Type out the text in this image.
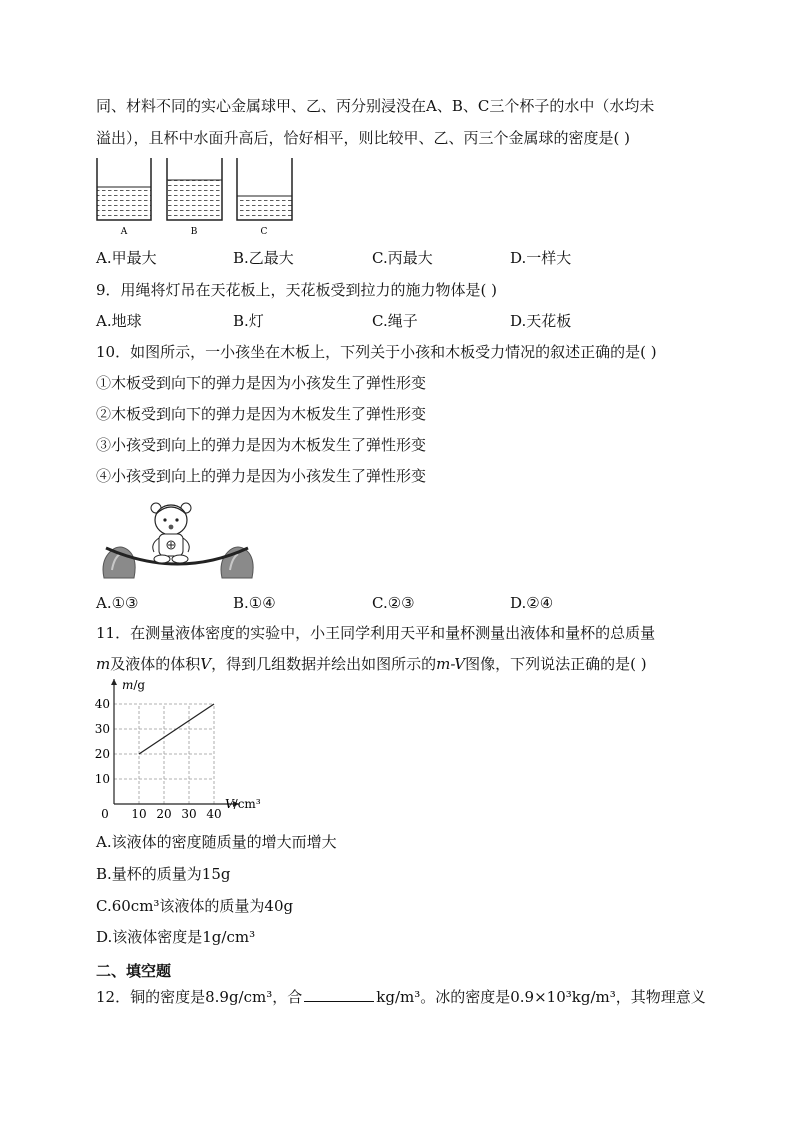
同、材料不同的实心金属球甲、乙、丙分别浸没在A、B、C三个杯子的水中（水均未
溢出），且杯中水面升高后，恰好相平，则比较甲、乙、丙三个金属球的密度是( )
A	B	C
A.甲最大	B.乙最大	C.丙最大	D.一样大
9．用绳将灯吊在天花板上，天花板受到拉力的施力物体是( )
A.地球	B.灯	C.绳子	D.天花板
10．如图所示，一小孩坐在木板上，下列关于小孩和木板受力情况的叙述正确的是( )
①木板受到向下的弹力是因为小孩发生了弹性形变
②木板受到向下的弹力是因为木板发生了弹性形变
③小孩受到向上的弹力是因为木板发生了弹性形变
④小孩受到向上的弹力是因为小孩发生了弹性形变
A.①③	B.①④	C.②③	D.②④
11．在测量液体密度的实验中，小王同学利用天平和量杯测量出液体和量杯的总质量
m及液体的体积V，得到几组数据并绘出如图所示的m-V图像，下列说法正确的是( )
0 10 20 30 40
10
20
30
40
m/g
V/cm³
A.该液体的密度随质量的增大而增大
B.量杯的质量为15g
C.60cm³该液体的质量为40g
D.该液体密度是1g/cm³
二、填空题
12．铜的密度是8.9g/cm³，合	kg/m³。冰的密度是0.9×10³kg/m³，其物理意义
